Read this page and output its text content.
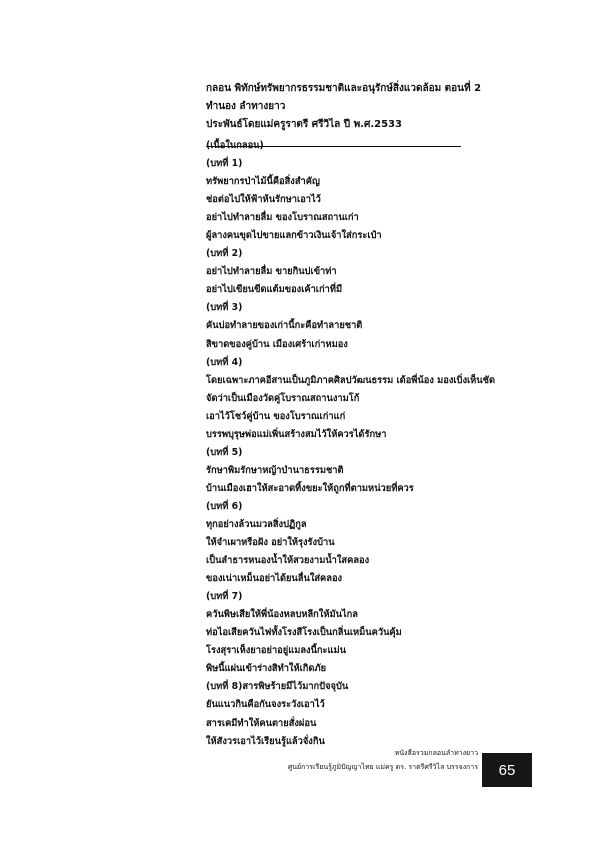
กลอน พิทักษ์ทรัพยากรธรรมชาติและอนุรักษ์สิ่งแวดล้อม ตอนที่ 2
ทำนอง ลำทางยาว
ประพันธ์โดยแม่ครูราตรี ศรีวิไล ปี พ.ศ.2533
(เนื้อในกลอน)
(บทที่ 1)
ทรัพยากรป่าไม้นี้คือสิ่งสำคัญ
ช่อต่อไปให้ฟ้าห้นรักษาเอาไว้
อย่าไปทำลายลื่ม ของโบราณสถานเก่า
ผู้ลางคนขุดไปขายแลกข้าวเงินเจ้าใส่กระเป๋า
(บทที่ 2)
อย่าไปทำลายลื่ม ขายกินบ่เข้าท่า
อย่าไปเขียนขีดแต้มของเค้าเก่าที่มี
(บทที่ 3)
คันบ่อทำลายของเก่านี้กะคือทำลายชาติ
สิขาดของคู่บ้าน เมืองเศร้าเก่าหมอง
(บทที่ 4)
โดยเฉพาะภาคอีสานเป็นภูมิภาคศิลปวัฒนธรรม เด้อพี่น้อง มองเบิ่งเห็นชัด
จัดว่าเป็นเมืองวัดคู่โบราณสถานงามโก้
เอาไว้โชว์คู่บ้าน ของโบราณเก่าแก่
บรรพบุรุษพ่อแม่เพิ่นสร้างสมไว้ให้ควรได้รักษา
(บทที่ 5)
รักษาพิมรักษาหญ้าบำนาธรรมชาติ
บ้านเมืองเฮาให้สะอาดทิ้งขยะให้ถูกที่ตามหน่วยที่ควร
(บทที่ 6)
ทุกอย่างล้วนมวลสิ่งปฏิกูล
ให้จำเผาหรือฝัง อย่าให้รุงรังบ้าน
เป็นลำธารหนองน้ำให้สวยงามน้ำใสคลอง
ของเน่าเหม็นอย่าได้ยนลื่นใส่คลอง
(บทที่ 7)
ควันพิษเสียให้พี่น้องหลบหลีกให้มันไกล
ท่อไอเสียควันไฟทั้งโรงสีโรงเป็นกลิ่นเหม็นควันคุ้ม
โรงสุราเห็งยาอย่าอยู่แมลงนี้กะแม่น
พิษนี้แผ่นเข้าร่างสิทำให้เกิดภัย
(บทที่ 8)สารพิษร้ายมีไว้มากปัจจุบัน
ยันแนวกินคือกันจงระวังเอาไว้
สารเคมีทำให้คนตายสั่งผ่อน
ให้สังวรเอาไว้เรียนรู้แล้วจั่งกิน
หนังสือรวมกลอนลำทางยาว
ศูนย์การเรียนรู้ภูมิปัญญาไทย แม่ครู ดร. ราตรีศรีวิไล บรรจงการ	65
